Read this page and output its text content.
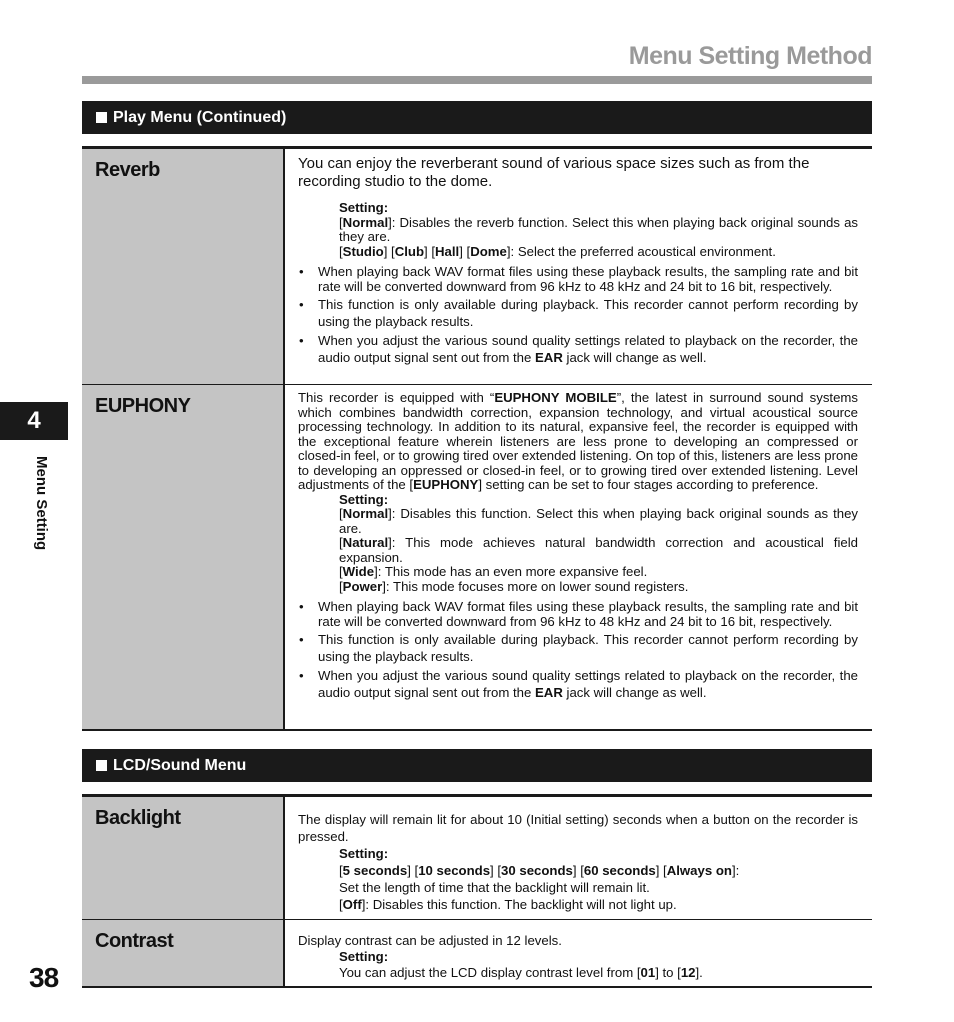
Menu Setting Method
Play Menu (Continued)
Reverb	You can enjoy the reverberant sound of various space sizes such as from the recording studio to the dome.

Setting:

[Normal]: Disables the reverb function. Select this when playing back original sounds as they are.

[Studio] [Club] [Hall] [Dome]: Select the preferred acoustical environment.

• When playing back WAV format files using these playback results, the sampling rate and bit rate will be converted downward from 96 kHz to 48 kHz and 24 bit to 16 bit, respectively.
• This function is only available during playback. This recorder cannot perform recording by using the playback results.
• When you adjust the various sound quality settings related to playback on the recorder, the audio output signal sent out from the EAR jack will change as well.
EUPHONY	This recorder is equipped with “EUPHONY MOBILE”, the latest in surround sound systems which combines bandwidth correction, expansion technology, and virtual acoustical source processing technology. In addition to its natural, expansive feel, the recorder is equipped with the exceptional feature wherein listeners are less prone to developing an compressed or closed-in feel, or to growing tired over extended listening. On top of this, listeners are less prone to developing an oppressed or closed-in feel, or to growing tired over extended listening. Level adjustments of the [EUPHONY] setting can be set to four stages according to preference.

Setting:

[Normal]: Disables this function. Select this when playing back original sounds as they are.

[Natural]: This mode achieves natural bandwidth correction and acoustical field expansion.

[Wide]: This mode has an even more expansive feel.

[Power]: This mode focuses more on lower sound registers.

• When playing back WAV format files using these playback results, the sampling rate and bit rate will be converted downward from 96 kHz to 48 kHz and 24 bit to 16 bit, respectively.
• This function is only available during playback. This recorder cannot perform recording by using the playback results.
• When you adjust the various sound quality settings related to playback on the recorder, the audio output signal sent out from the EAR jack will change as well.
LCD/Sound Menu
Backlight	The display will remain lit for about 10 (Initial setting) seconds when a button on the recorder is pressed.

Setting:

[5 seconds] [10 seconds] [30 seconds] [60 seconds] [Always on]:

Set the length of time that the backlight will remain lit.

[Off]: Disables this function. The backlight will not light up.

Contrast	Display contrast can be adjusted in 12 levels.

Setting:

You can adjust the LCD display contrast level from [01] to [12].

4
Menu Setting
38
